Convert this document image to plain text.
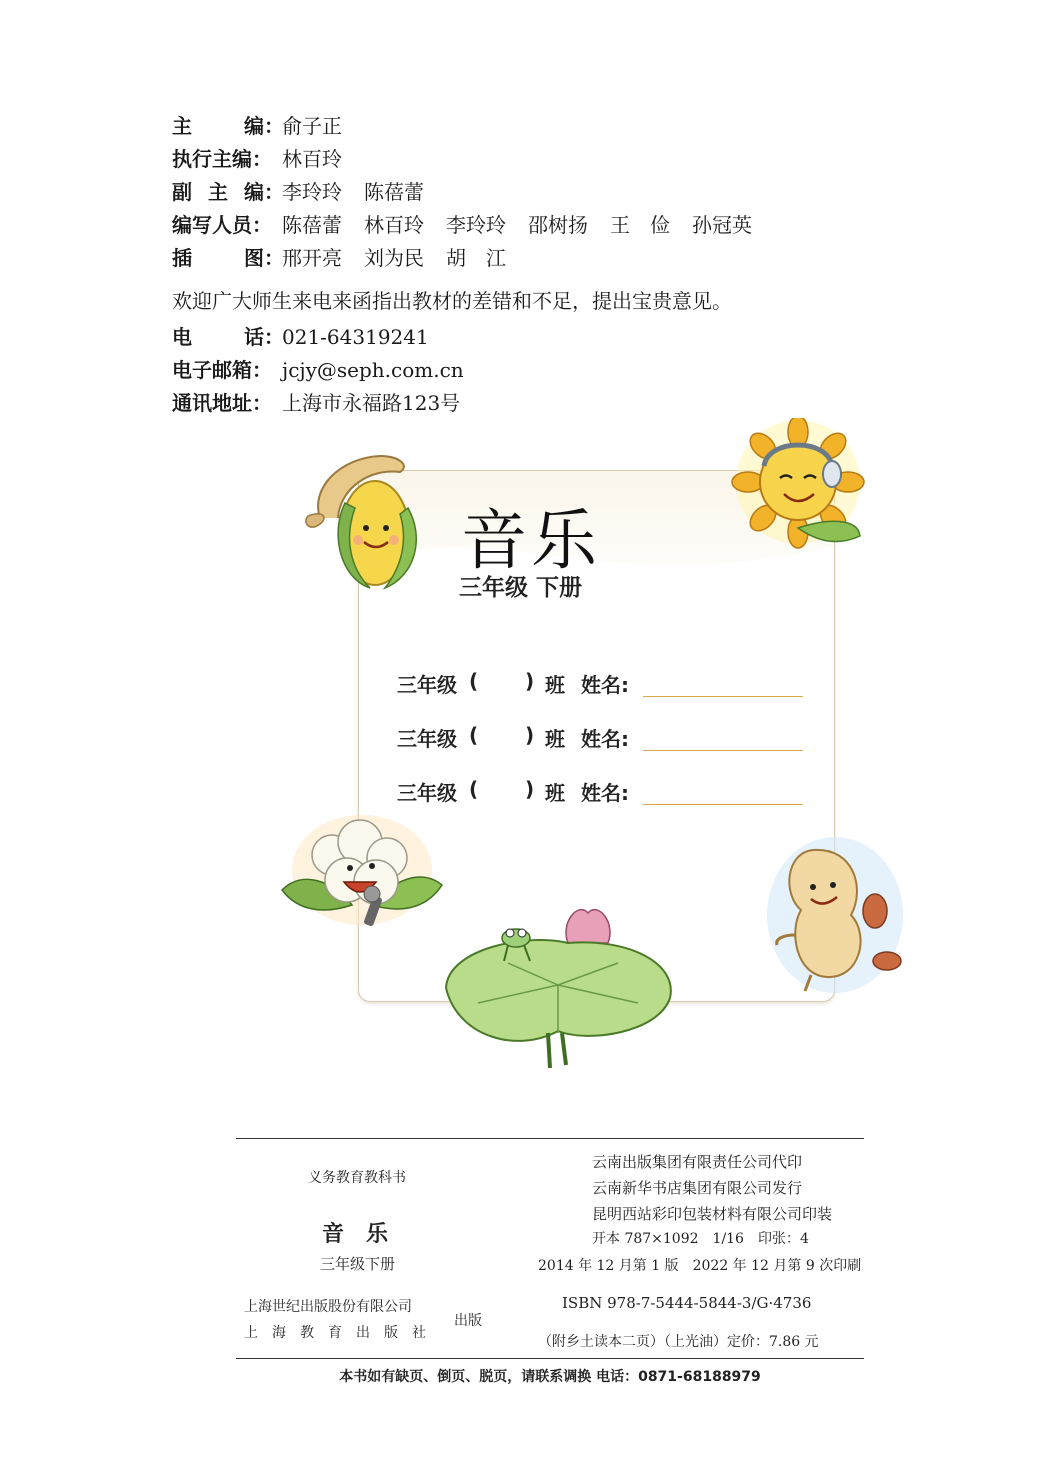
主	编 ：
俞子正
执行主编 ： 林百玲
副 主 编 ：
李玲玲 陈蓓蕾
编写人员 ： 陈蓓蕾 林百玲 李玲玲 邵树扬 王　俭 孙冠英
插	图 ：
邢开亮 刘为民 胡　江
欢迎广大师生来电来函指出教材的差错和不足，提出宝贵意见。
电	话 ：
021-64319241
电子邮箱 ： jcjy@seph.com.cn
通讯地址 ： 上海市永福路123号
音乐
三年级 下册
三年级 ( ) 班 姓名:
三年级 ( ) 班 姓名:
三年级 ( ) 班 姓名:
义务教育教科书
音　乐
三年级下册
上海世纪出版股份有限公司
上　海　教　育　出　版　社
出版
云南出版集团有限责任公司代印
云南新华书店集团有限公司发行
昆明西站彩印包装材料有限公司印装
开本 787×1092　1/16　印张：4
2014 年 12 月第 1 版　2022 年 12 月第 9 次印刷
ISBN 978-7-5444-5844-3/G·4736
（附乡土读本二页）（上光油）定价：7.86 元
本书如有缺页、倒页、脱页，请联系调换 电话：0871-68188979
